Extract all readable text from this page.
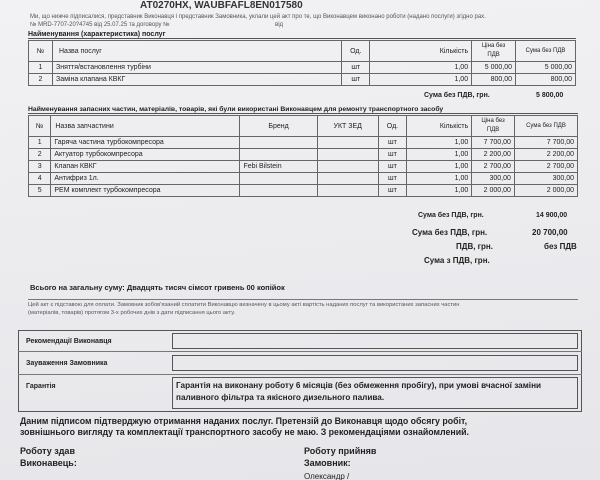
AT0270HX, WAUBFAFL8EN017580
Ми, що нижче підписалися, представник Виконавця і представник Замовника, уклали цей акт про те, що Виконавцем виконано роботи (надано послуги) згідно рах.
№ MRD-7707-20?4745 від 25.07.25 та договору №	від
Найменування (характеристика) послуг
№	Назва послуг	Од.	Кількість	Ціна без ПДВ	Сума без ПДВ
1	Зняття/встановлення турбіни	шт	1,00	5 000,00	5 000,00
2	Заміна клапана КВКГ	шт	1,00	800,00	800,00
Сума без ПДВ, грн.	5 800,00
Найменування запасних частин, матеріалів, товарів, які були використані Виконавцем для ремонту транспортного засобу
№	Назва запчастини	Бренд	УКТ ЗЕД	Од.	Кількість	Ціна без ПДВ	Сума без ПДВ
1	Гаряча частина турбокомпресора			шт	1,00	7 700,00	7 700,00
2	Актуатор турбокомпресора			шт	1,00	2 200,00	2 200,00
3	Клапан КВКГ	Febi Bilstein		шт	1,00	2 700,00	2 700,00
4	Антифриз 1л.			шт	1,00	300,00	300,00
5	РЕМ комплект турбокомпресора			шт	1,00	2 000,00	2 000,00
Сума без ПДВ, грн.	14 900,00
Сума без ПДВ, грн.	20 700,00
ПДВ, грн.	без ПДВ
Сума з ПДВ, грн.
Всього на загальну суму: Двадцять тисяч сімсот гривень 00 копійок
Цей акт є підставою для оплати. Замовник зобов'язаний сплатити Виконавцю визначену в цьому акті вартість наданих послуг та використаних запасних частин
(матеріалів, товарів) протягом 3-х робочих днів з дати підписання цього акту.
Рекомендації Виконавця
Зауваження Замовника
Гарантія	Гарантія на виконану роботу 6 місяців (без обмеження пробігу), при умові вчасної заміни
паливного фільтра та якісного дизельного палива.
Даним підписом підтверджую отримання наданих послуг. Претензій до Виконавця щодо обсягу робіт,
зовнішнього вигляду та комплектації транспортного засобу не маю. З рекомендаціями ознайомлений.
Роботу здав
Виконавець:
Роботу прийняв
Замовник:
Олександр /
